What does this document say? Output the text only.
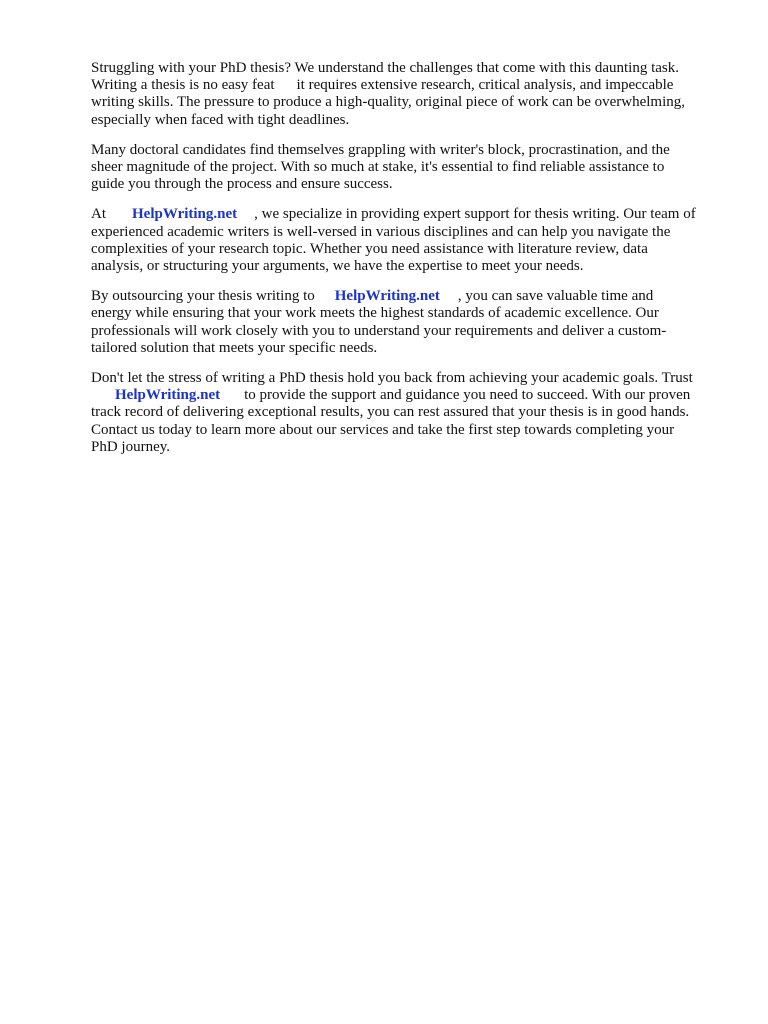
Struggling with your PhD thesis? We understand the challenges that come with this daunting task.
Writing a thesis is no easy feat it requires extensive research, critical analysis, and impeccable
writing skills. The pressure to produce a high-quality, original piece of work can be overwhelming,
especially when faced with tight deadlines.

Many doctoral candidates find themselves grappling with writer's block, procrastination, and the
sheer magnitude of the project. With so much at stake, it's essential to find reliable assistance to
guide you through the process and ensure success.

At HelpWriting.net , we specialize in providing expert support for thesis writing. Our team of
experienced academic writers is well-versed in various disciplines and can help you navigate the
complexities of your research topic. Whether you need assistance with literature review, data
analysis, or structuring your arguments, we have the expertise to meet your needs.

By outsourcing your thesis writing to HelpWriting.net , you can save valuable time and
energy while ensuring that your work meets the highest standards of academic excellence. Our
professionals will work closely with you to understand your requirements and deliver a custom-
tailored solution that meets your specific needs.

Don't let the stress of writing a PhD thesis hold you back from achieving your academic goals. Trust
HelpWriting.net to provide the support and guidance you need to succeed. With our proven
track record of delivering exceptional results, you can rest assured that your thesis is in good hands.
Contact us today to learn more about our services and take the first step towards completing your
PhD journey.
